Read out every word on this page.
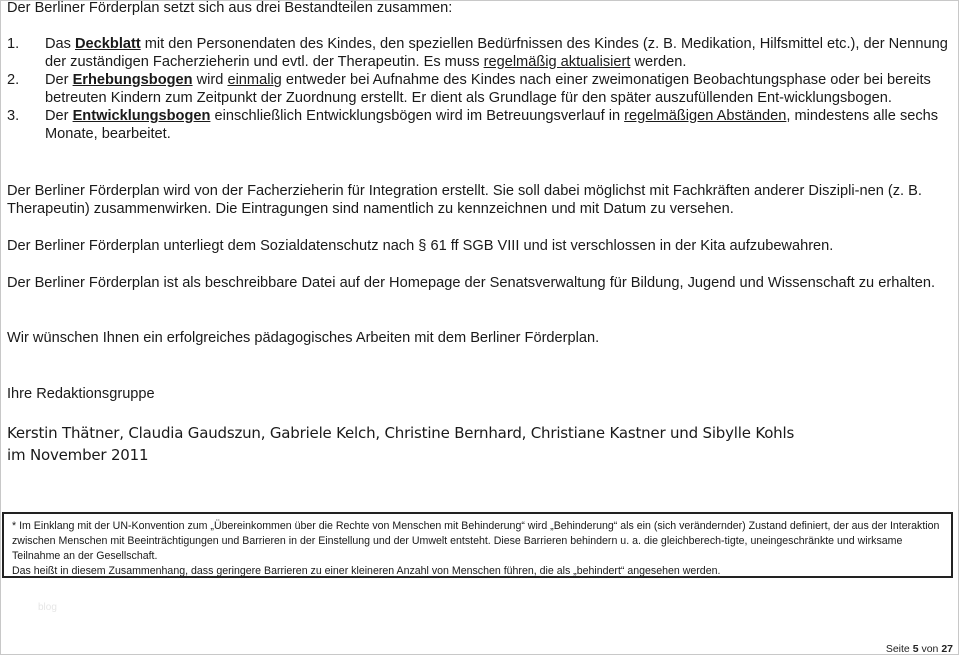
Der Berliner Förderplan setzt sich aus drei Bestandteilen zusammen:

1. Das Deckblatt mit den Personendaten des Kindes, den speziellen Bedürfnissen des Kindes (z. B. Medikation, Hilfsmittel etc.), der Nennung der zuständigen Facherzieherin und evtl. der Therapeutin. Es muss regelmäßig aktualisiert werden.
2. Der Erhebungsbogen wird einmalig entweder bei Aufnahme des Kindes nach einer zweimonatigen Beobachtungsphase oder bei bereits betreuten Kindern zum Zeitpunkt der Zuordnung erstellt. Er dient als Grundlage für den später auszufüllenden Ent-wicklungsbogen.
3. Der Entwicklungsbogen einschließlich Entwicklungsbögen wird im Betreuungsverlauf in regelmäßigen Abständen, mindestens alle sechs Monate, bearbeitet.

Der Berliner Förderplan wird von der Facherzieherin für Integration erstellt. Sie soll dabei möglichst mit Fachkräften anderer Diszipli-nen (z. B. Therapeutin) zusammenwirken. Die Eintragungen sind namentlich zu kennzeichnen und mit Datum zu versehen.

Der Berliner Förderplan unterliegt dem Sozialdatenschutz nach § 61 ff SGB VIII und ist verschlossen in der Kita aufzubewahren.

Der Berliner Förderplan ist als beschreibbare Datei auf der Homepage der Senatsverwaltung für Bildung, Jugend und Wissenschaft zu erhalten.

Wir wünschen Ihnen ein erfolgreiches pädagogisches Arbeiten mit dem Berliner Förderplan.

Ihre Redaktionsgruppe

Kerstin Thätner, Claudia Gaudszun, Gabriele Kelch, Christine Bernhard, Christiane Kastner und Sibylle Kohls

im November 2011

* Im Einklang mit der UN-Konvention zum „Übereinkommen über die Rechte von Menschen mit Behinderung“ wird „Behinderung“ als ein (sich verändernder) Zustand definiert, der aus der Interaktion zwischen Menschen mit Beeinträchtigungen und Barrieren in der Einstellung und der Umwelt entsteht. Diese Barrieren behindern u. a. die gleichberech-tigte, uneingeschränkte und wirksame Teilnahme an der Gesellschaft.
Das heißt in diesem Zusammenhang, dass geringere Barrieren zu einer kleineren Anzahl von Menschen führen, die als „behindert“ angesehen werden.
blog
Seite 5 von 27
